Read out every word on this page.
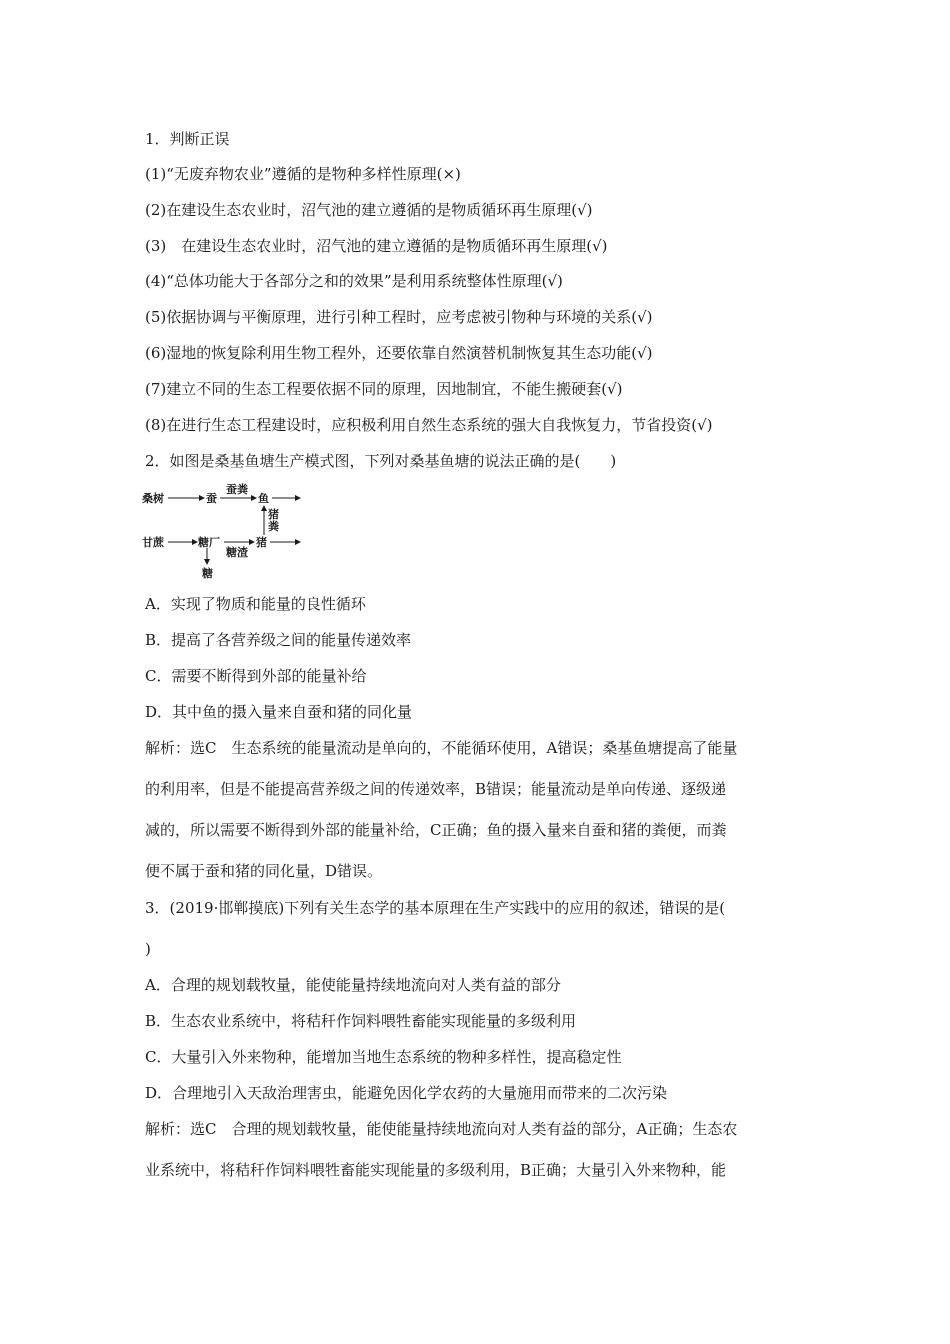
1．判断正误
(1)“无废弃物农业”遵循的是物种多样性原理(×)
(2)在建设生态农业时，沼气池的建立遵循的是物质循环再生原理(√)
(3)　在建设生态农业时，沼气池的建立遵循的是物质循环再生原理(√)
(4)“总体功能大于各部分之和的效果”是利用系统整体性原理(√)
(5)依据协调与平衡原理，进行引种工程时，应考虑被引物种与环境的关系(√)
(6)湿地的恢复除利用生物工程外，还要依靠自然演替机制恢复其生态功能(√)
(7)建立不同的生态工程要依据不同的原理，因地制宜，不能生搬硬套(√)
(8)在进行生态工程建设时，应积极利用自然生态系统的强大自我恢复力，节省投资(√)
2．如图是桑基鱼塘生产模式图，下列对桑基鱼塘的说法正确的是(　　)
桑树	蚕
蚕粪
鱼
猪
粪
甘蔗	糖厂
糖渣
猪
糖
A．实现了物质和能量的良性循环
B．提高了各营养级之间的能量传递效率
C．需要不断得到外部的能量补给
D．其中鱼的摄入量来自蚕和猪的同化量
解析：选C　生态系统的能量流动是单向的，不能循环使用，A错误；桑基鱼塘提高了能量
的利用率，但是不能提高营养级之间的传递效率，B错误；能量流动是单向传递、逐级递
减的，所以需要不断得到外部的能量补给，C正确；鱼的摄入量来自蚕和猪的粪便，而粪
便不属于蚕和猪的同化量，D错误。
3．(2019·邯郸摸底)下列有关生态学的基本原理在生产实践中的应用的叙述，错误的是(
)
A．合理的规划载牧量，能使能量持续地流向对人类有益的部分
B．生态农业系统中，将秸秆作饲料喂牲畜能实现能量的多级利用
C．大量引入外来物种，能增加当地生态系统的物种多样性，提高稳定性
D．合理地引入天敌治理害虫，能避免因化学农药的大量施用而带来的二次污染
解析：选C　合理的规划载牧量，能使能量持续地流向对人类有益的部分，A正确；生态农
业系统中，将秸秆作饲料喂牲畜能实现能量的多级利用，B正确；大量引入外来物种，能
